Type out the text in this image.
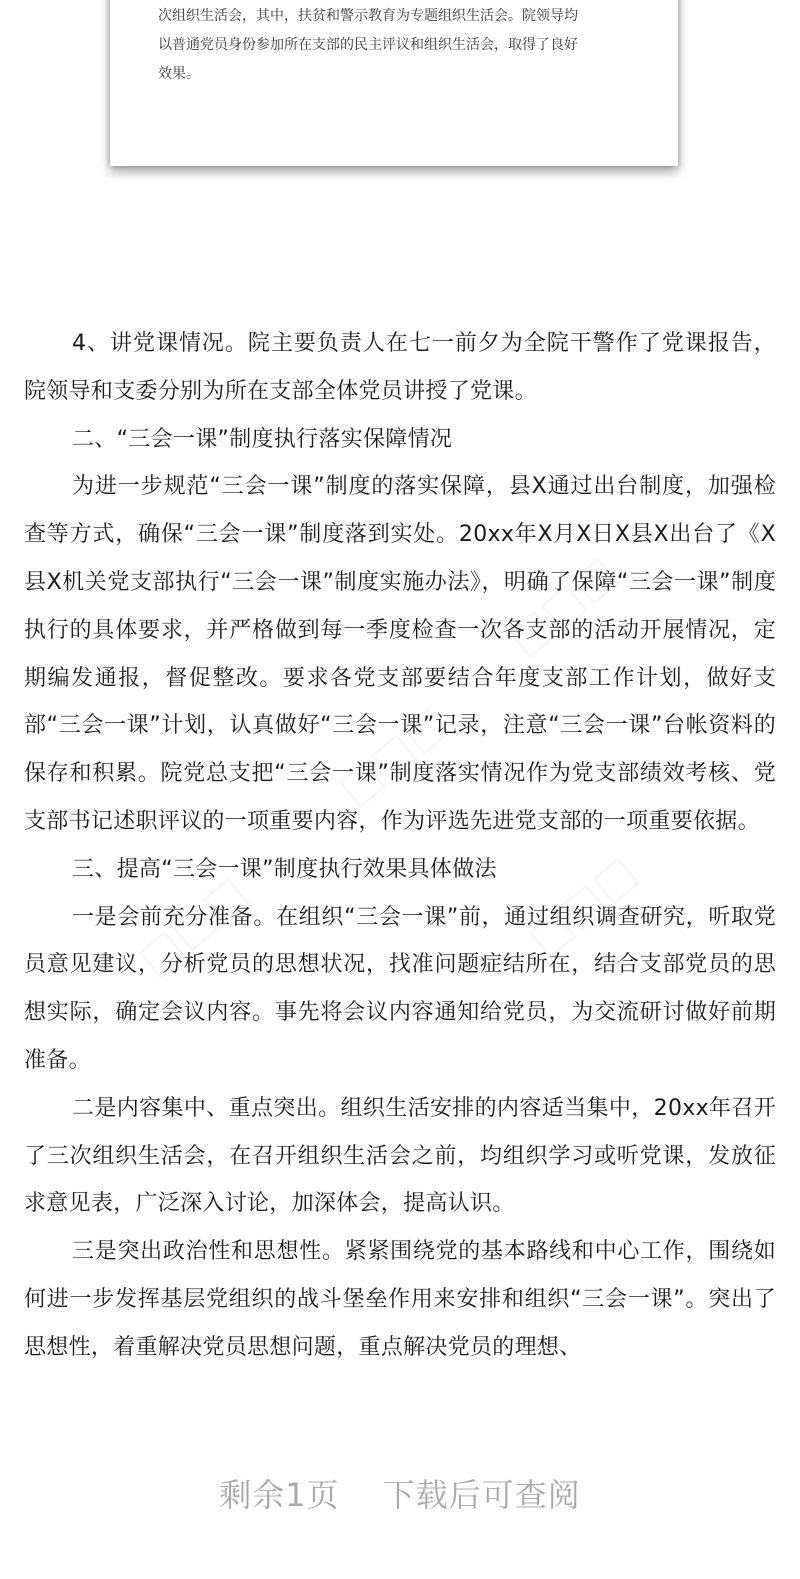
次组织生活会，其中，扶贫和警示教育为专题组织生活会。院领导均

以普通党员身份参加所在支部的民主评议和组织生活会，取得了良好

效果。

4、讲党课情况。院主要负责人在七一前夕为全院干警作了党课报告，院领导和支委分别为所在支部全体党员讲授了党课。

二、“三会一课”制度执行落实保障情况

为进一步规范“三会一课”制度的落实保障，县X通过出台制度，加强检查等方式，确保“三会一课”制度落到实处。20xx年X月X日X县X出台了《X县X机关党支部执行“三会一课”制度实施办法》，明确了保障“三会一课”制度执行的具体要求，并严格做到每一季度检查一次各支部的活动开展情况，定期编发通报，督促整改。要求各党支部要结合年度支部工作计划，做好支部“三会一课”计划，认真做好“三会一课”记录，注意“三会一课”台帐资料的保存和积累。院党总支把“三会一课”制度落实情况作为党支部绩效考核、党支部书记述职评议的一项重要内容，作为评选先进党支部的一项重要依据。

三、提高“三会一课”制度执行效果具体做法

一是会前充分准备。在组织“三会一课”前，通过组织调查研究，听取党员意见建议，分析党员的思想状况，找准问题症结所在，结合支部党员的思想实际，确定会议内容。事先将会议内容通知给党员，为交流研讨做好前期准备。

二是内容集中、重点突出。组织生活安排的内容适当集中，20xx年召开了三次组织生活会，在召开组织生活会之前，均组织学习或听党课，发放征求意见表，广泛深入讨论，加深体会，提高认识。

三是突出政治性和思想性。紧紧围绕党的基本路线和中心工作，围绕如何进一步发挥基层党组织的战斗堡垒作用来安排和组织“三会一课”。突出了思想性，着重解决党员思想问题，重点解决党员的理想、

剩余1页 下载后可查阅
